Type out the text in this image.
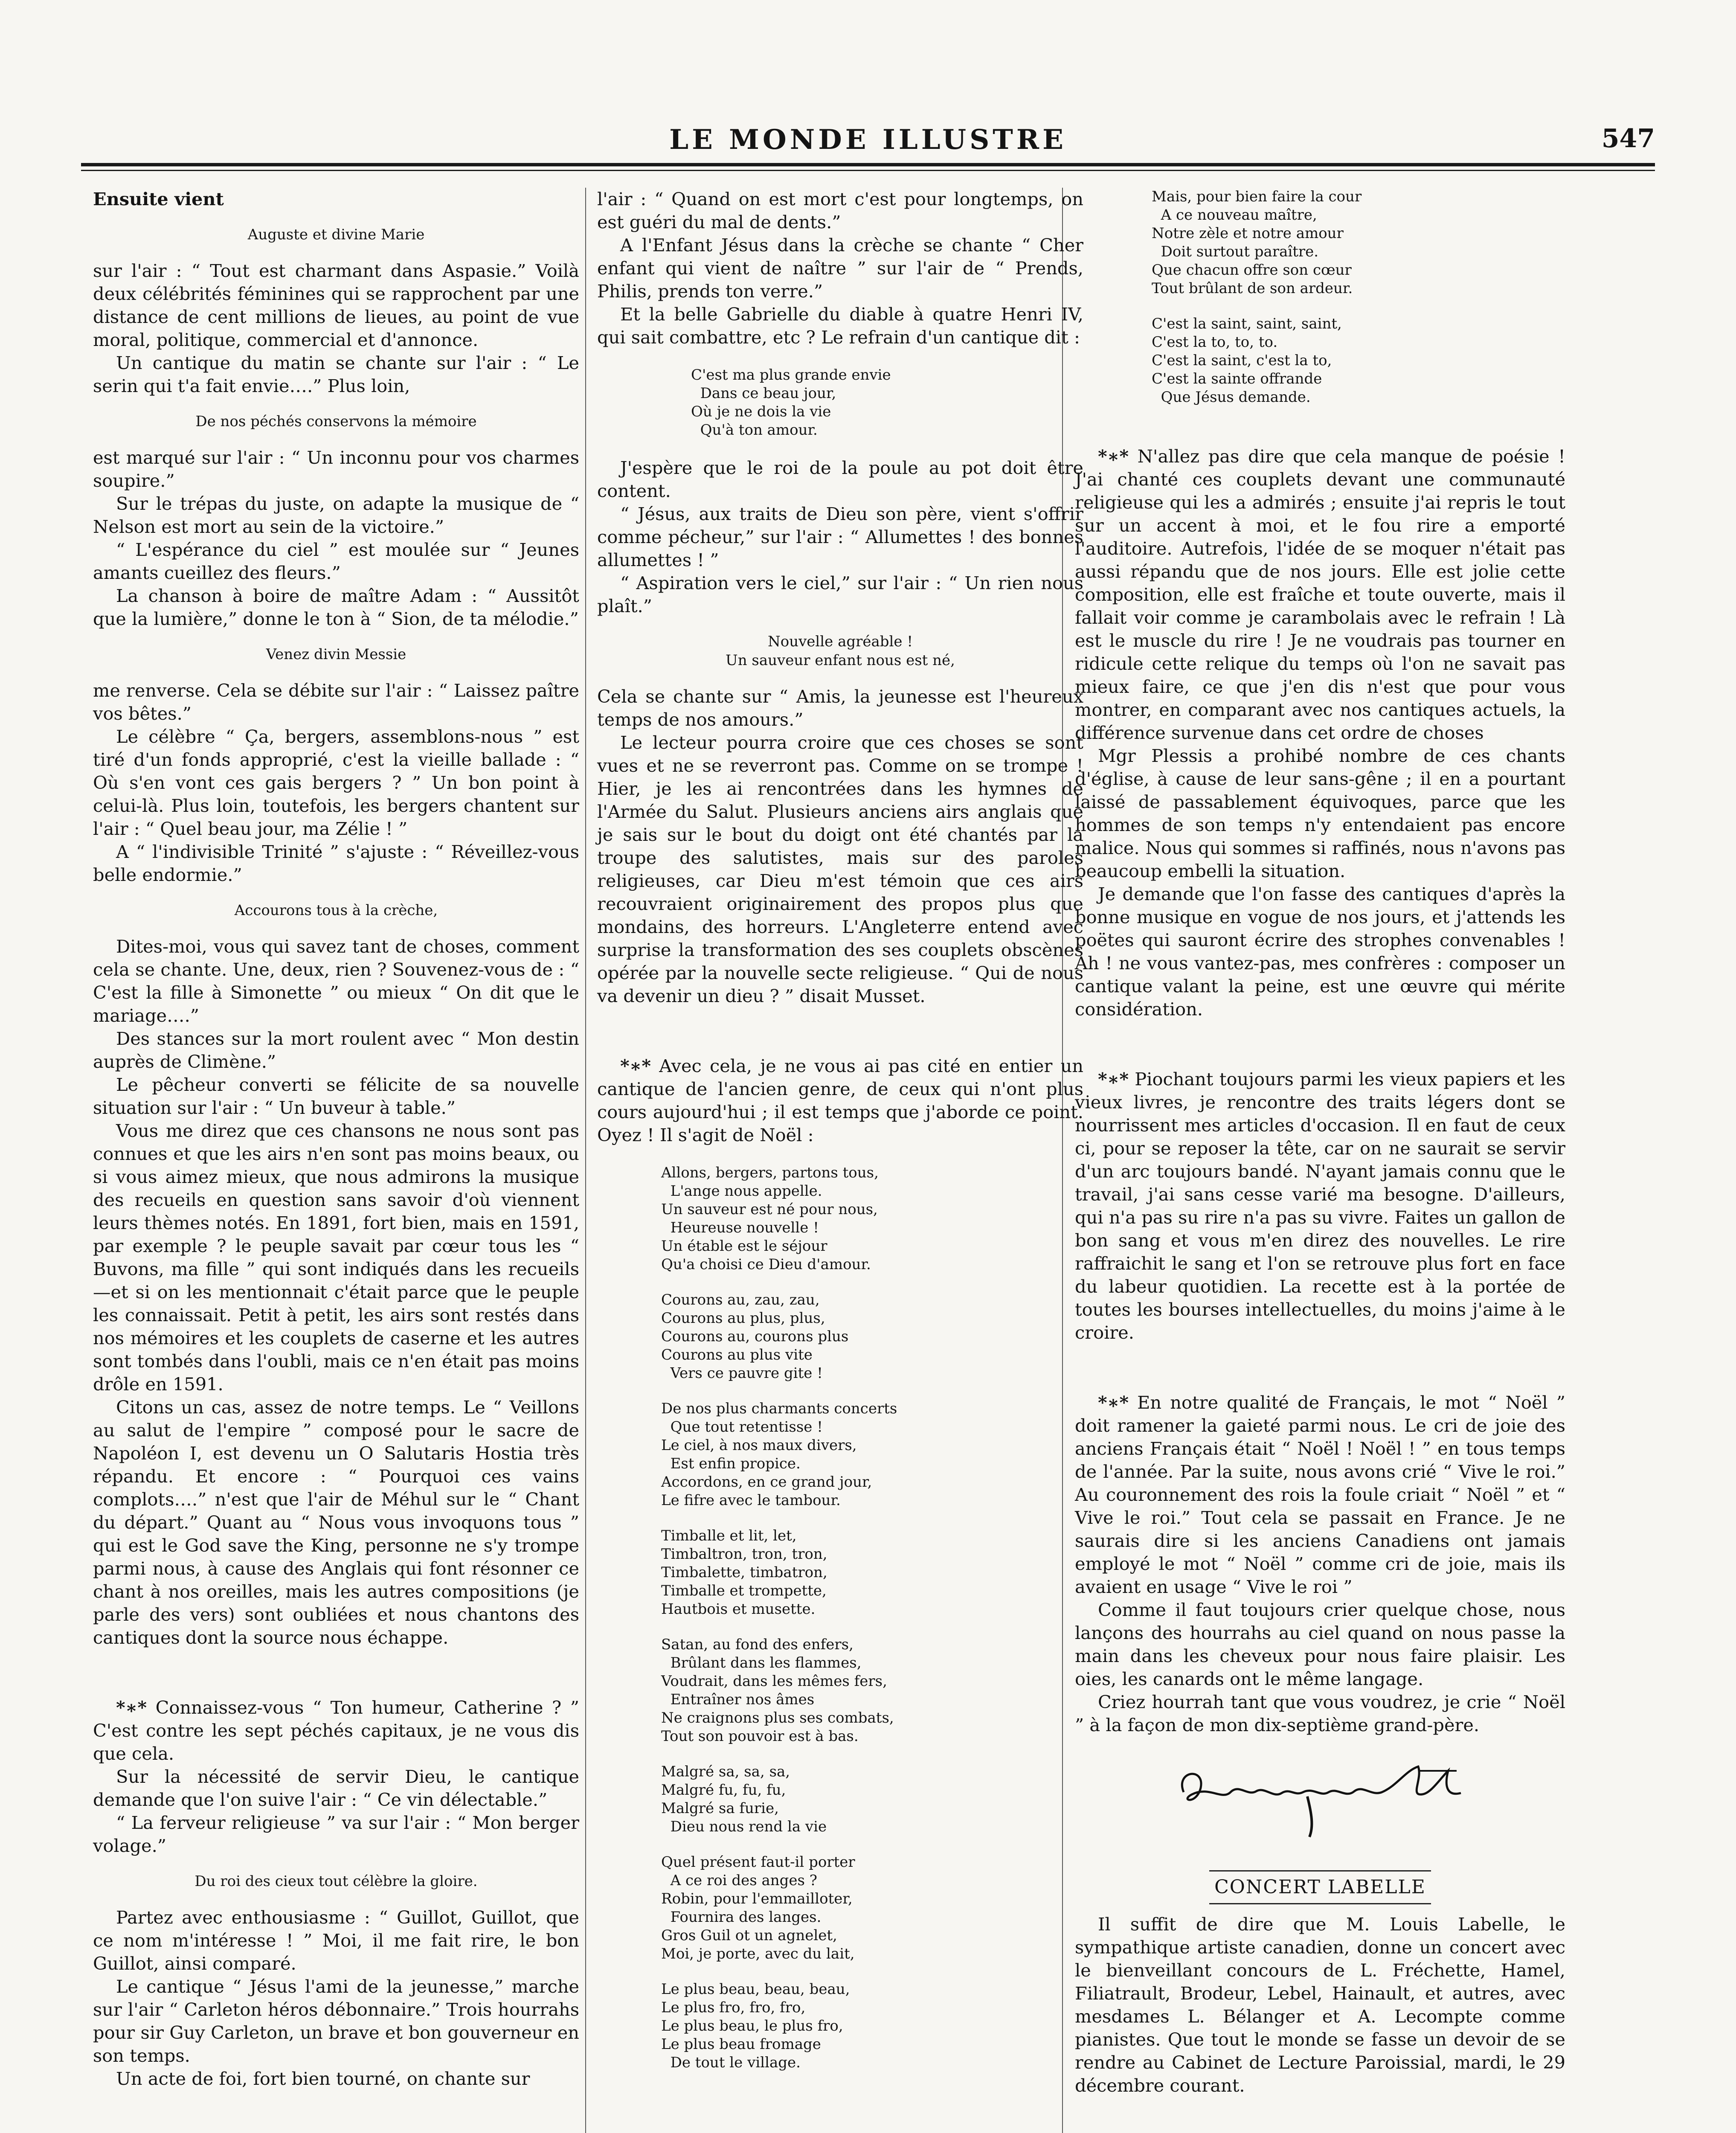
LE MONDE ILLUSTRE	547

Ensuite vient

Auguste et divine Marie

sur l'air : “ Tout est charmant dans Aspasie.” Voilà deux célébrités féminines qui se rapprochent par une distance de cent millions de lieues, au point de vue moral, politique, commercial et d'annonce.

Un cantique du matin se chante sur l'air : “ Le serin qui t'a fait envie….” Plus loin,

De nos péchés conservons la mémoire

est marqué sur l'air : “ Un inconnu pour vos charmes soupire.”

Sur le trépas du juste, on adapte la musique de “ Nelson est mort au sein de la victoire.”

“ L'espérance du ciel ” est moulée sur “ Jeunes amants cueillez des fleurs.”

La chanson à boire de maître Adam : “ Aussitôt que la lumière,” donne le ton à “ Sion, de ta mélodie.”

Venez divin Messie

me renverse. Cela se débite sur l'air : “ Laissez paître vos bêtes.”

Le célèbre “ Ça, bergers, assemblons-nous ” est tiré d'un fonds approprié, c'est la vieille ballade : “ Où s'en vont ces gais bergers ? ” Un bon point à celui-là. Plus loin, toutefois, les bergers chantent sur l'air : “ Quel beau jour, ma Zélie ! ”

A “ l'indivisible Trinité ” s'ajuste : “ Réveillez-vous belle endormie.”

Accourons tous à la crèche,

Dites-moi, vous qui savez tant de choses, comment cela se chante. Une, deux, rien ? Souvenez-vous de : “ C'est la fille à Simonette ” ou mieux “ On dit que le mariage….”

Des stances sur la mort roulent avec “ Mon destin auprès de Climène.”

Le pêcheur converti se félicite de sa nouvelle situation sur l'air : “ Un buveur à table.”

Vous me direz que ces chansons ne nous sont pas connues et que les airs n'en sont pas moins beaux, ou si vous aimez mieux, que nous admirons la musique des recueils en question sans savoir d'où viennent leurs thèmes notés. En 1891, fort bien, mais en 1591, par exemple ? le peuple savait par cœur tous les “ Buvons, ma fille ” qui sont indiqués dans les recueils—et si on les mentionnait c'était parce que le peuple les connaissait. Petit à petit, les airs sont restés dans nos mémoires et les couplets de caserne et les autres sont tombés dans l'oubli, mais ce n'en était pas moins drôle en 1591.

Citons un cas, assez de notre temps. Le “ Veillons au salut de l'empire ” composé pour le sacre de Napoléon I, est devenu un O Salutaris Hostia très répandu. Et encore : “ Pourquoi ces vains complots….” n'est que l'air de Méhul sur le “ Chant du départ.” Quant au “ Nous vous invoquons tous ” qui est le God save the King, personne ne s'y trompe parmi nous, à cause des Anglais qui font résonner ce chant à nos oreilles, mais les autres compositions (je parle des vers) sont oubliées et nous chantons des cantiques dont la source nous échappe.

*∗* Connaissez-vous “ Ton humeur, Catherine ? ” C'est contre les sept péchés capitaux, je ne vous dis que cela.

Sur la nécessité de servir Dieu, le cantique demande que l'on suive l'air : “ Ce vin délectable.”

“ La ferveur religieuse ” va sur l'air : “ Mon berger volage.”

Du roi des cieux tout célèbre la gloire.

Partez avec enthousiasme : “ Guillot, Guillot, que ce nom m'intéresse ! ” Moi, il me fait rire, le bon Guillot, ainsi comparé.

Le cantique “ Jésus l'ami de la jeunesse,” marche sur l'air “ Carleton héros débonnaire.” Trois hourrahs pour sir Guy Carleton, un brave et bon gouverneur en son temps.

Un acte de foi, fort bien tourné, on chante sur

l'air : “ Quand on est mort c'est pour longtemps, on est guéri du mal de dents.”

A l'Enfant Jésus dans la crèche se chante “ Cher enfant qui vient de naître ” sur l'air de “ Prends, Philis, prends ton verre.”

Et la belle Gabrielle du diable à quatre Henri IV, qui sait combattre, etc ? Le refrain d'un cantique dit :

C'est ma plus grande envie
Dans ce beau jour,
Où je ne dois la vie
Qu'à ton amour.

J'espère que le roi de la poule au pot doit être content.

“ Jésus, aux traits de Dieu son père, vient s'offrir comme pécheur,” sur l'air : “ Allumettes ! des bonnes allumettes ! ”

“ Aspiration vers le ciel,” sur l'air : “ Un rien nous plaît.”

Nouvelle agréable !
Un sauveur enfant nous est né,

Cela se chante sur “ Amis, la jeunesse est l'heureux temps de nos amours.”

Le lecteur pourra croire que ces choses se sont vues et ne se reverront pas. Comme on se trompe ! Hier, je les ai rencontrées dans les hymnes de l'Armée du Salut. Plusieurs anciens airs anglais que je sais sur le bout du doigt ont été chantés par la troupe des salutistes, mais sur des paroles religieuses, car Dieu m'est témoin que ces airs recouvraient originairement des propos plus que mondains, des horreurs. L'Angleterre entend avec surprise la transformation des ses couplets obscènes opérée par la nouvelle secte religieuse. “ Qui de nous va devenir un dieu ? ” disait Musset.

*∗* Avec cela, je ne vous ai pas cité en entier un cantique de l'ancien genre, de ceux qui n'ont plus cours aujourd'hui ; il est temps que j'aborde ce point. Oyez ! Il s'agit de Noël :

Allons, bergers, partons tous,
L'ange nous appelle.
Un sauveur est né pour nous,
Heureuse nouvelle !
Un étable est le séjour
Qu'a choisi ce Dieu d'amour.
Courons au, zau, zau,
Courons au plus, plus,
Courons au, courons plus
Courons au plus vite
Vers ce pauvre gite !
De nos plus charmants concerts
Que tout retentisse !
Le ciel, à nos maux divers,
Est enfin propice.
Accordons, en ce grand jour,
Le fifre avec le tambour.
Timballe et lit, let,
Timbaltron, tron, tron,
Timbalette, timbatron,
Timballe et trompette,
Hautbois et musette.
Satan, au fond des enfers,
Brûlant dans les flammes,
Voudrait, dans les mêmes fers,
Entraîner nos âmes
Ne craignons plus ses combats,
Tout son pouvoir est à bas.
Malgré sa, sa, sa,
Malgré fu, fu, fu,
Malgré sa furie,
Dieu nous rend la vie
Quel présent faut-il porter
A ce roi des anges ?
Robin, pour l'emmailloter,
Fournira des langes.
Gros Guil ot un agnelet,
Moi, je porte, avec du lait,
Le plus beau, beau, beau,
Le plus fro, fro, fro,
Le plus beau, le plus fro,
Le plus beau fromage
De tout le village.
Mais, pour bien faire la cour
A ce nouveau maître,
Notre zèle et notre amour
Doit surtout paraître.
Que chacun offre son cœur
Tout brûlant de son ardeur.
C'est la saint, saint, saint,
C'est la to, to, to.
C'est la saint, c'est la to,
C'est la sainte offrande
Que Jésus demande.

*∗* N'allez pas dire que cela manque de poésie ! J'ai chanté ces couplets devant une communauté religieuse qui les a admirés ; ensuite j'ai repris le tout sur un accent à moi, et le fou rire a emporté l'auditoire. Autrefois, l'idée de se moquer n'était pas aussi répandu que de nos jours. Elle est jolie cette composition, elle est fraîche et toute ouverte, mais il fallait voir comme je carambolais avec le refrain ! Là est le muscle du rire ! Je ne voudrais pas tourner en ridicule cette relique du temps où l'on ne savait pas mieux faire, ce que j'en dis n'est que pour vous montrer, en comparant avec nos cantiques actuels, la différence survenue dans cet ordre de choses

Mgr Plessis a prohibé nombre de ces chants d'église, à cause de leur sans-gêne ; il en a pourtant laissé de passablement équivoques, parce que les hommes de son temps n'y entendaient pas encore malice. Nous qui sommes si raffinés, nous n'avons pas beaucoup embelli la situation.

Je demande que l'on fasse des cantiques d'après la bonne musique en vogue de nos jours, et j'attends les poëtes qui sauront écrire des strophes convenables ! Ah ! ne vous vantez-pas, mes confrères : composer un cantique valant la peine, est une œuvre qui mérite considération.

*∗* Piochant toujours parmi les vieux papiers et les vieux livres, je rencontre des traits légers dont se nourrissent mes articles d'occasion. Il en faut de ceux ci, pour se reposer la tête, car on ne saurait se servir d'un arc toujours bandé. N'ayant jamais connu que le travail, j'ai sans cesse varié ma besogne. D'ailleurs, qui n'a pas su rire n'a pas su vivre. Faites un gallon de bon sang et vous m'en direz des nouvelles. Le rire raffraichit le sang et l'on se retrouve plus fort en face du labeur quotidien. La recette est à la portée de toutes les bourses intellectuelles, du moins j'aime à le croire.

*∗* En notre qualité de Français, le mot “ Noël ” doit ramener la gaieté parmi nous. Le cri de joie des anciens Français était “ Noël ! Noël ! ” en tous temps de l'année. Par la suite, nous avons crié “ Vive le roi.” Au couronnement des rois la foule criait “ Noël ” et “ Vive le roi.” Tout cela se passait en France. Je ne saurais dire si les anciens Canadiens ont jamais employé le mot “ Noël ” comme cri de joie, mais ils avaient en usage “ Vive le roi ”

Comme il faut toujours crier quelque chose, nous lançons des hourrahs au ciel quand on nous passe la main dans les cheveux pour nous faire plaisir. Les oies, les canards ont le même langage.

Criez hourrah tant que vous voudrez, je crie “ Noël ” à la façon de mon dix-septième grand-père.

CONCERT LABELLE

Il suffit de dire que M. Louis Labelle, le sympathique artiste canadien, donne un concert avec le bienveillant concours de L. Fréchette, Hamel, Filiatrault, Brodeur, Lebel, Hainault, et autres, avec mesdames L. Bélanger et A. Lecompte comme pianistes. Que tout le monde se fasse un devoir de se rendre au Cabinet de Lecture Paroissial, mardi, le 29 décembre courant.
